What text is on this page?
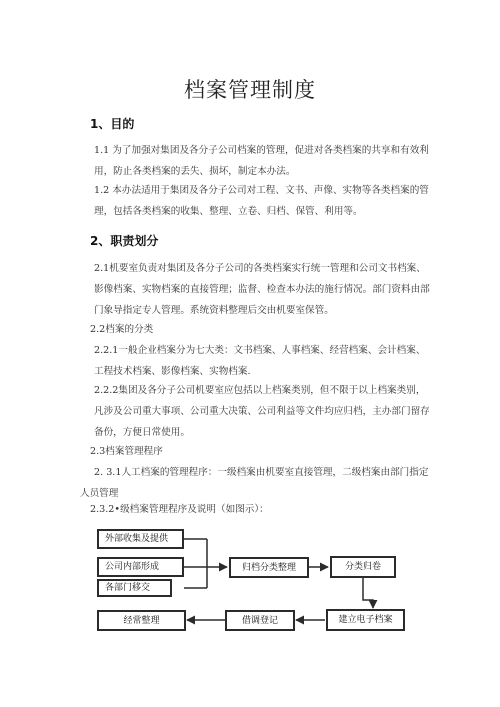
档案管理制度
1、目的

1.1 为了加强对集团及各分子公司档案的管理，促进对各类档案的共享和有效利用，防止各类档案的丢失、损坏，制定本办法。

1.2 本办法适用于集团及各分子公司对工程、文书、声像、实物等各类档案的管理，包括各类档案的收集、整理、立卷、归档、保管、利用等。

2、职责划分

2.1机要室负责对集团及各分子公司的各类档案实行统一管理和公司文书档案、影像档案、实物档案的直接管理；监督、检查本办法的施行情况。部门资料由部门象导指定专人管理。系统资料整理后交由机要室保管。

2.2档案的分类

2.2.1一般企业档案分为七大类：文书档案、人事档案、经营档案、会计档案、工程技术档案、影像档案、实物档案.

2.2.2集团及各分子公司机要室应包括以上档案类别，但不限于以上档案类别，凡涉及公司重大事项、公司重大决策、公司利益等文件均应归档，主办部门留存备份，方便日常使用。

2.3档案管理程序

2. 3.1人工档案的管理程序：一级档案由机要室直接管理，二级档案由部门指定人员管理

2.3.2•级档案管理程序及说明（如图示）：

外部收集及提供
公司内部形成
各部门移交
归档分类整理	分类归卷
建立电子档案
借调登记
经常整理
